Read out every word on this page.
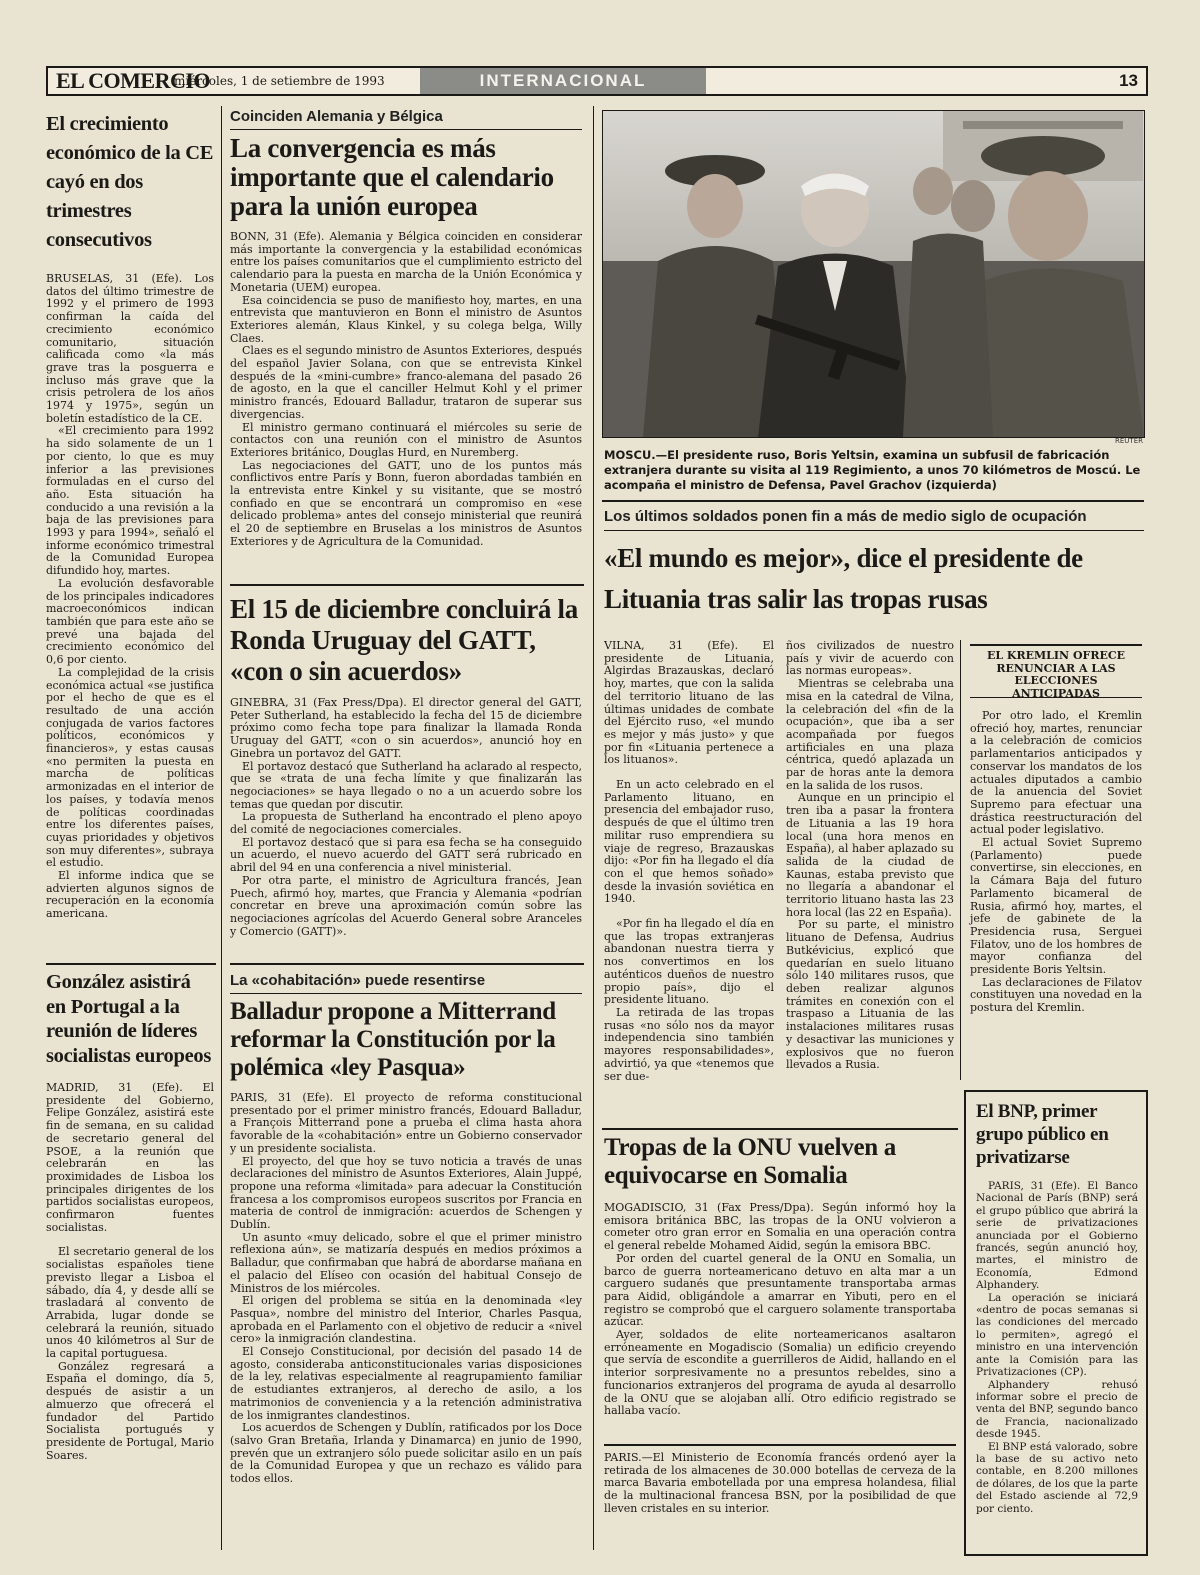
EL COMERCIO
miércoles, 1 de setiembre de 1993	INTERNACIONAL	13
El crecimiento económico de la CE cayó en dos trimestres consecutivos

BRUSELAS, 31 (Efe). Los datos del último trimestre de 1992 y el primero de 1993 confirman la caída del crecimiento económico comunitario, situación calificada como «la más grave tras la posguerra e incluso más grave que la crisis petrolera de los años 1974 y 1975», según un boletín estadístico de la CE.

«El crecimiento para 1992 ha sido solamente de un 1 por ciento, lo que es muy inferior a las previsiones formuladas en el curso del año. Esta situación ha conducido a una revisión a la baja de las previsiones para 1993 y para 1994», señaló el informe económico trimestral de la Comunidad Europea difundido hoy, martes.

La evolución desfavorable de los principales indicadores macroeconómicos indican también que para este año se prevé una bajada del crecimiento económico del 0,6 por ciento.

La complejidad de la crisis económica actual «se justifica por el hecho de que es el resultado de una acción conjugada de varios factores políticos, económicos y financieros», y estas causas «no permiten la puesta en marcha de políticas armonizadas en el interior de los países, y todavía menos de políticas coordinadas entre los diferentes países, cuyas prioridades y objetivos son muy diferentes», subraya el estudio.

El informe indica que se advierten algunos signos de recuperación en la economía americana.

González asistirá en Portugal a la reunión de líderes socialistas europeos

MADRID, 31 (Efe). El presidente del Gobierno, Felipe González, asistirá este fin de semana, en su calidad de secretario general del PSOE, a la reunión que celebrarán en las proximidades de Lisboa los principales dirigentes de los partidos socialistas europeos, confirmaron fuentes socialistas.

El secretario general de los socialistas españoles tiene previsto llegar a Lisboa el sábado, día 4, y desde allí se trasladará al convento de Arrabida, lugar donde se celebrará la reunión, situado unos 40 kilómetros al Sur de la capital portuguesa.

González regresará a España el domingo, día 5, después de asistir a un almuerzo que ofrecerá el fundador del Partido Socialista portugués y presidente de Portugal, Mario Soares.

Coinciden Alemania y Bélgica
La convergencia es más importante que el calendario para la unión europea

BONN, 31 (Efe). Alemania y Bélgica coinciden en considerar más importante la convergencia y la estabilidad económicas entre los países comunitarios que el cumplimiento estricto del calendario para la puesta en marcha de la Unión Económica y Monetaria (UEM) europea.

Esa coincidencia se puso de manifiesto hoy, martes, en una entrevista que mantuvieron en Bonn el ministro de Asuntos Exteriores alemán, Klaus Kinkel, y su colega belga, Willy Claes.

Claes es el segundo ministro de Asuntos Exteriores, después del español Javier Solana, con que se entrevista Kinkel después de la «mini-cumbre» franco-alemana del pasado 26 de agosto, en la que el canciller Helmut Kohl y el primer ministro francés, Edouard Balladur, trataron de superar sus divergencias.

El ministro germano continuará el miércoles su serie de contactos con una reunión con el ministro de Asuntos Exteriores británico, Douglas Hurd, en Nuremberg.

Las negociaciones del GATT, uno de los puntos más conflictivos entre París y Bonn, fueron abordadas también en la entrevista entre Kinkel y su visitante, que se mostró confiado en que se encontrará un compromiso en «ese delicado problema» antes del consejo ministerial que reunirá el 20 de septiembre en Bruselas a los ministros de Asuntos Exteriores y de Agricultura de la Comunidad.

El 15 de diciembre concluirá la Ronda Uruguay del GATT, «con o sin acuerdos»

GINEBRA, 31 (Fax Press/Dpa). El director general del GATT, Peter Sutherland, ha establecido la fecha del 15 de diciembre próximo como fecha tope para finalizar la llamada Ronda Uruguay del GATT, «con o sin acuerdos», anunció hoy en Ginebra un portavoz del GATT.

El portavoz destacó que Sutherland ha aclarado al respecto, que se «trata de una fecha límite y que finalizarán las negociaciones» se haya llegado o no a un acuerdo sobre los temas que quedan por discutir.

La propuesta de Sutherland ha encontrado el pleno apoyo del comité de negociaciones comerciales.

El portavoz destacó que si para esa fecha se ha conseguido un acuerdo, el nuevo acuerdo del GATT será rubricado en abril del 94 en una conferencia a nivel ministerial.

Por otra parte, el ministro de Agricultura francés, Jean Puech, afirmó hoy, martes, que Francia y Alemania «podrían concretar en breve una aproximación común sobre las negociaciones agrícolas del Acuerdo General sobre Aranceles y Comercio (GATT)».

La «cohabitación» puede resentirse
Balladur propone a Mitterrand reformar la Constitución por la polémica «ley Pasqua»

PARIS, 31 (Efe). El proyecto de reforma constitucional presentado por el primer ministro francés, Edouard Balladur, a François Mitterrand pone a prueba el clima hasta ahora favorable de la «cohabitación» entre un Gobierno conservador y un presidente socialista.

El proyecto, del que hoy se tuvo noticia a través de unas declaraciones del ministro de Asuntos Exteriores, Alain Juppé, propone una reforma «limitada» para adecuar la Constitución francesa a los compromisos europeos suscritos por Francia en materia de control de inmigración: acuerdos de Schengen y Dublín.

Un asunto «muy delicado, sobre el que el primer ministro reflexiona aún», se matizaría después en medios próximos a Balladur, que confirmaban que habrá de abordarse mañana en el palacio del Elíseo con ocasión del habitual Consejo de Ministros de los miércoles.

El origen del problema se sitúa en la denominada «ley Pasqua», nombre del ministro del Interior, Charles Pasqua, aprobada en el Parlamento con el objetivo de reducir a «nivel cero» la inmigración clandestina.

El Consejo Constitucional, por decisión del pasado 14 de agosto, consideraba anticonstitucionales varias disposiciones de la ley, relativas especialmente al reagrupamiento familiar de estudiantes extranjeros, al derecho de asilo, a los matrimonios de conveniencia y a la retención administrativa de los inmigrantes clandestinos.

Los acuerdos de Schengen y Dublín, ratificados por los Doce (salvo Gran Bretaña, Irlanda y Dinamarca) en junio de 1990, prevén que un extranjero sólo puede solicitar asilo en un país de la Comunidad Europea y que un rechazo es válido para todos ellos.

REUTER
MOSCU.—El presidente ruso, Boris Yeltsin, examina un subfusil de fabricación extranjera durante su visita al 119 Regimiento, a unos 70 kilómetros de Moscú. Le acompaña el ministro de Defensa, Pavel Grachov (izquierda)
Los últimos soldados ponen fin a más de medio siglo de ocupación
«El mundo es mejor», dice el presidente de Lituania tras salir las tropas rusas

VILNA, 31 (Efe). El presidente de Lituania, Algirdas Brazauskas, declaró hoy, martes, que con la salida del territorio lituano de las últimas unidades de combate del Ejército ruso, «el mundo es mejor y más justo» y que por fin «Lituania pertenece a los lituanos».

En un acto celebrado en el Parlamento lituano, en presencia del embajador ruso, después de que el último tren militar ruso emprendiera su viaje de regreso, Brazauskas dijo: «Por fin ha llegado el día con el que hemos soñado» desde la invasión soviética en 1940.

«Por fin ha llegado el día en que las tropas extranjeras abandonan nuestra tierra y nos convertimos en los auténticos dueños de nuestro propio país», dijo el presidente lituano.

La retirada de las tropas rusas «no sólo nos da mayor independencia sino también mayores responsabilidades», advirtió, ya que «tenemos que ser due-

ños civilizados de nuestro país y vivir de acuerdo con las normas europeas».

Mientras se celebraba una misa en la catedral de Vilna, la celebración del «fin de la ocupación», que iba a ser acompañada por fuegos artificiales en una plaza céntrica, quedó aplazada un par de horas ante la demora en la salida de los rusos.

Aunque en un principio el tren iba a pasar la frontera de Lituania a las 19 hora local (una hora menos en España), al haber aplazado su salida de la ciudad de Kaunas, estaba previsto que no llegaría a abandonar el territorio lituano hasta las 23 hora local (las 22 en España).

Por su parte, el ministro lituano de Defensa, Audrius Butkévicius, explicó que quedarían en suelo lituano sólo 140 militares rusos, que deben realizar algunos trámites en conexión con el traspaso a Lituania de las instalaciones militares rusas y desactivar las municiones y explosivos que no fueron llevados a Rusia.

EL KREMLIN OFRECE RENUNCIAR A LAS ELECCIONES ANTICIPADAS

Por otro lado, el Kremlin ofreció hoy, martes, renunciar a la celebración de comicios parlamentarios anticipados y conservar los mandatos de los actuales diputados a cambio de la anuencia del Soviet Supremo para efectuar una drástica reestructuración del actual poder legislativo.

El actual Soviet Supremo (Parlamento) puede convertirse, sin elecciones, en la Cámara Baja del futuro Parlamento bicameral de Rusia, afirmó hoy, martes, el jefe de gabinete de la Presidencia rusa, Serguei Filatov, uno de los hombres de mayor confianza del presidente Boris Yeltsin.

Las declaraciones de Filatov constituyen una novedad en la postura del Kremlin.

Tropas de la ONU vuelven a equivocarse en Somalia

MOGADISCIO, 31 (Fax Press/Dpa). Según informó hoy la emisora británica BBC, las tropas de la ONU volvieron a cometer otro gran error en Somalia en una operación contra el general rebelde Mohamed Aidid, según la emisora BBC.

Por orden del cuartel general de la ONU en Somalia, un barco de guerra norteamericano detuvo en alta mar a un carguero sudanés que presuntamente transportaba armas para Aidid, obligándole a amarrar en Yibuti, pero en el registro se comprobó que el carguero solamente transportaba azúcar.

Ayer, soldados de elite norteamericanos asaltaron erróneamente en Mogadiscio (Somalia) un edificio creyendo que servía de escondite a guerrilleros de Aidid, hallando en el interior sorpresivamente no a presuntos rebeldes, sino a funcionarios extranjeros del programa de ayuda al desarrollo de la ONU que se alojaban allí. Otro edificio registrado se hallaba vacío.

PARIS.—El Ministerio de Economía francés ordenó ayer la retirada de los almacenes de 30.000 botellas de cerveza de la marca Bavaria embotellada por una empresa holandesa, filial de la multinacional francesa BSN, por la posibilidad de que lleven cristales en su interior.

El BNP, primer grupo público en privatizarse

PARIS, 31 (Efe). El Banco Nacional de París (BNP) será el grupo público que abrirá la serie de privatizaciones anunciada por el Gobierno francés, según anunció hoy, martes, el ministro de Economía, Edmond Alphandery.

La operación se iniciará «dentro de pocas semanas si las condiciones del mercado lo permiten», agregó el ministro en una intervención ante la Comisión para las Privatizaciones (CP).

Alphandery rehusó informar sobre el precio de venta del BNP, segundo banco de Francia, nacionalizado desde 1945.

El BNP está valorado, sobre la base de su activo neto contable, en 8.200 millones de dólares, de los que la parte del Estado asciende al 72,9 por ciento.
